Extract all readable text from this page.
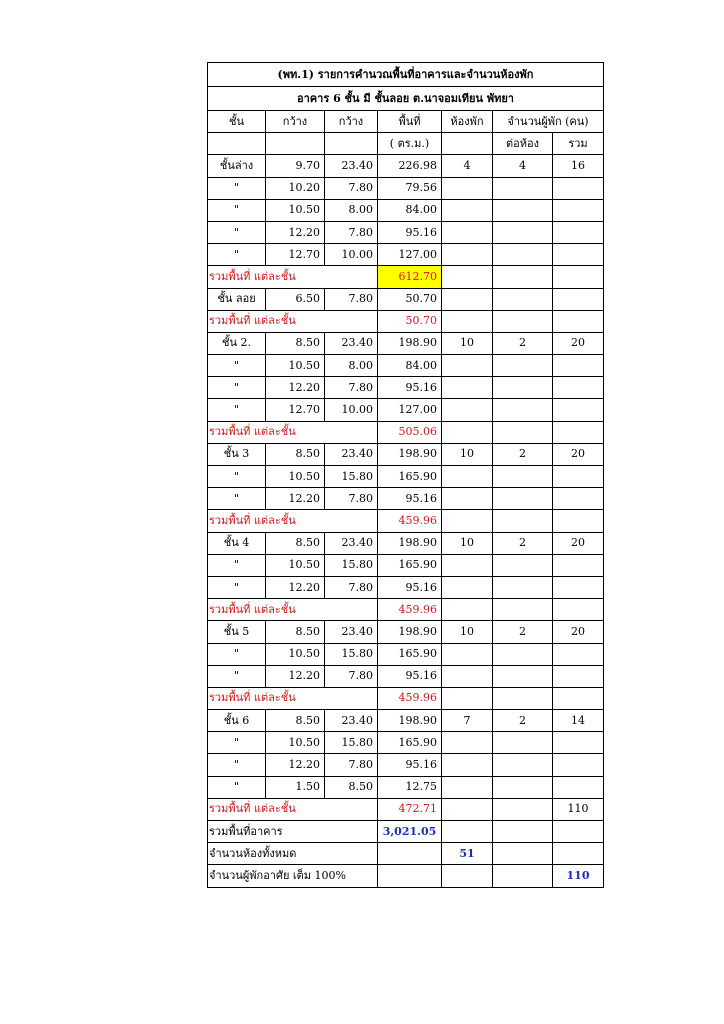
(พท.1) รายการคำนวณพื้นที่อาคารและจำนวนห้องพัก						
อาคาร 6 ชั้น มี ชั้นลอย ต.นาจอมเทียน พัทยา						
ชั้น	กว้าง	กว้าง	พื้นที่	ห้องพัก	จำนวนผู้พัก (คน)	
			( ตร.ม.)		ต่อห้อง	รวม
ชั้นล่าง	9.70	23.40	226.98	4	4	16
"	10.20	7.80	79.56			
"	10.50	8.00	84.00			
"	12.20	7.80	95.16			
"	12.70	10.00	127.00			
รวมพื้นที่ แต่ละชั้น			612.70			
ชั้น ลอย	6.50	7.80	50.70			
รวมพื้นที่ แต่ละชั้น			50.70			
ชั้น 2.	8.50	23.40	198.90	10	2	20
"	10.50	8.00	84.00			
"	12.20	7.80	95.16			
"	12.70	10.00	127.00			
รวมพื้นที่ แต่ละชั้น			505.06			
ชั้น 3	8.50	23.40	198.90	10	2	20
"	10.50	15.80	165.90			
"	12.20	7.80	95.16			
รวมพื้นที่ แต่ละชั้น			459.96			
ชั้น 4	8.50	23.40	198.90	10	2	20
"	10.50	15.80	165.90			
"	12.20	7.80	95.16			
รวมพื้นที่ แต่ละชั้น			459.96			
ชั้น 5	8.50	23.40	198.90	10	2	20
"	10.50	15.80	165.90			
"	12.20	7.80	95.16			
รวมพื้นที่ แต่ละชั้น			459.96			
ชั้น 6	8.50	23.40	198.90	7	2	14
"	10.50	15.80	165.90			
"	12.20	7.80	95.16			
"	1.50	8.50	12.75			
รวมพื้นที่ แต่ละชั้น			472.71			110
รวมพื้นที่อาคาร			3,021.05			
จำนวนห้องทั้งหมด				51		
จำนวนผู้พักอาศัย เต็ม 100%						110
